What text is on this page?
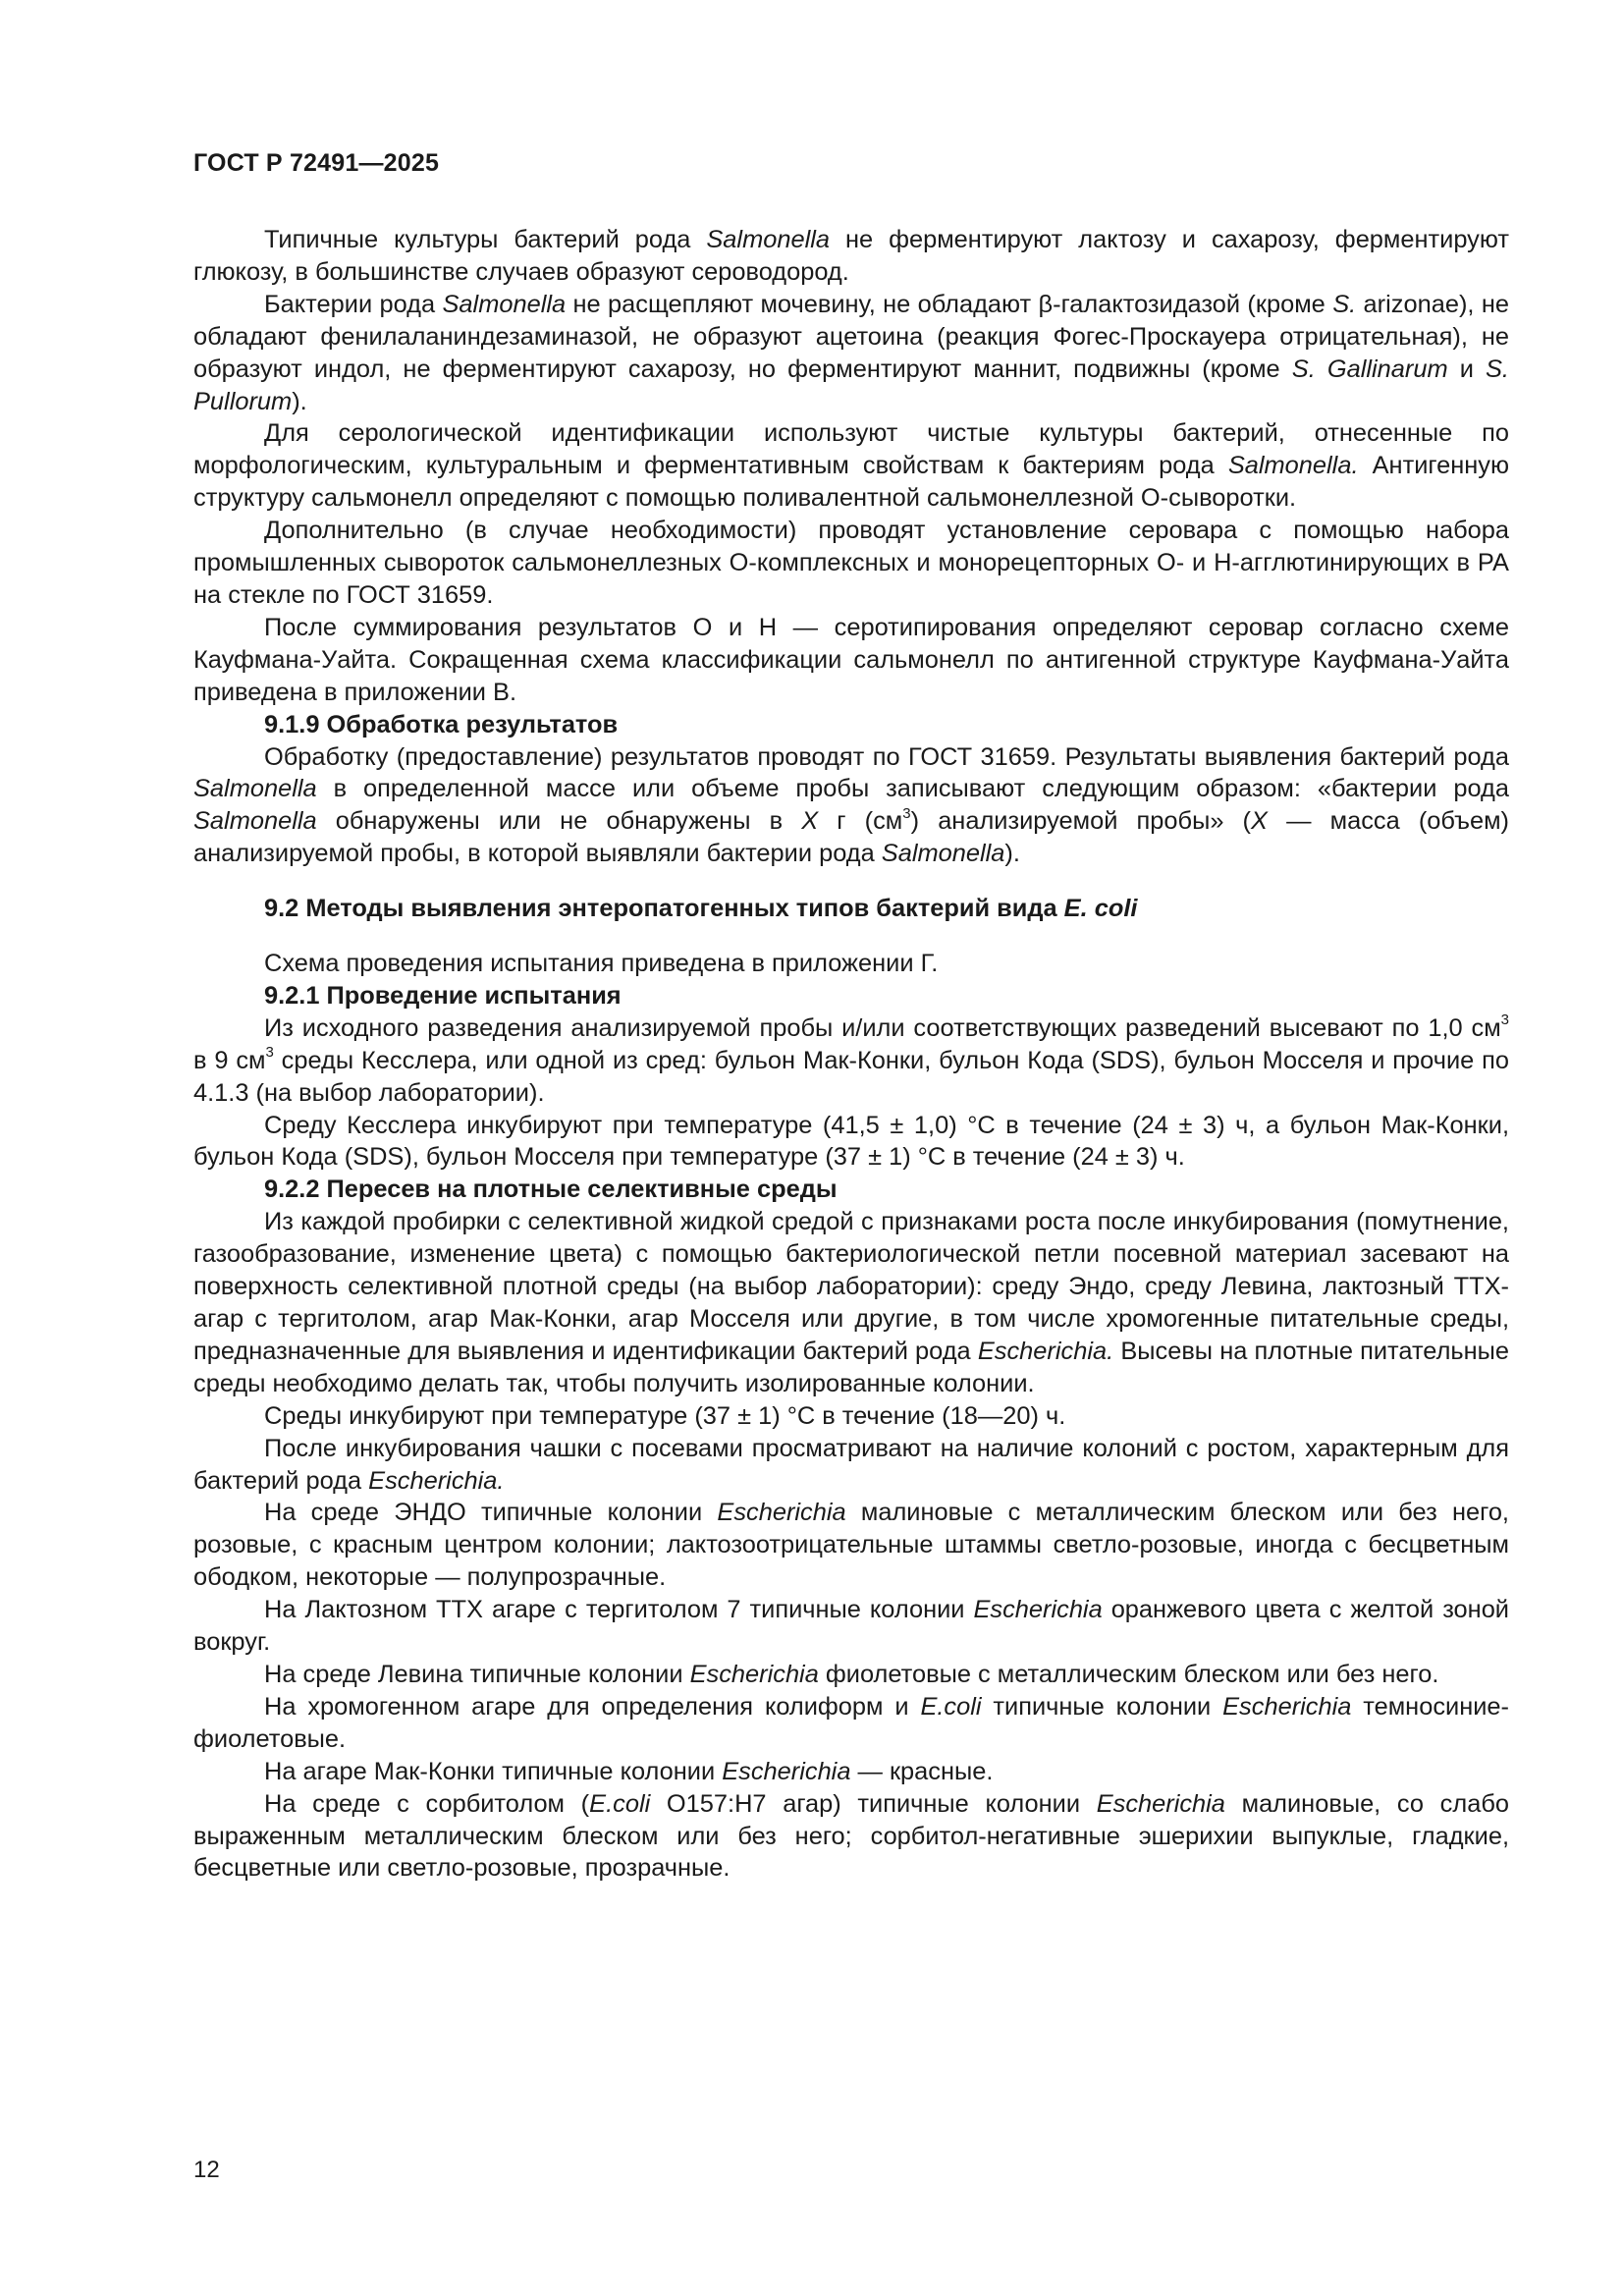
ГОСТ Р 72491—2025

Типичные культуры бактерий рода Salmonella не ферментируют лактозу и сахарозу, ферментируют глюкозу, в большинстве случаев образуют сероводород.

Бактерии рода Salmonella не расщепляют мочевину, не обладают β-галактозидазой (кроме S. arizonae), не обладают фенилаланиндезаминазой, не образуют ацетоина (реакция Фогес-Проскауера отрицательная), не образуют индол, не ферментируют сахарозу, но ферментируют маннит, подвижны (кроме S. Gallinarum и S. Pullorum).

Для серологической идентификации используют чистые культуры бактерий, отнесенные по морфологическим, культуральным и ферментативным свойствам к бактериям рода Salmonella. Антигенную структуру сальмонелл определяют с помощью поливалентной сальмонеллезной О-сыворотки.

Дополнительно (в случае необходимости) проводят установление серовара с помощью набора промышленных сывороток сальмонеллезных О-комплексных и монорецепторных О- и Н-агглютинирующих в РА на стекле по ГОСТ 31659.

После суммирования результатов О и Н — серотипирования определяют серовар согласно схеме Кауфмана-Уайта. Сокращенная схема классификации сальмонелл по антигенной структуре Кауфмана-Уайта приведена в приложении В.

9.1.9 Обработка результатов

Обработку (предоставление) результатов проводят по ГОСТ 31659. Результаты выявления бактерий рода Salmonella в определенной массе или объеме пробы записывают следующим образом: «бактерии рода Salmonella обнаружены или не обнаружены в X г $(см^3)$ анализируемой пробы» (X — масса (объем) анализируемой пробы, в которой выявляли бактерии рода Salmonella).

9.2 Методы выявления энтеропатогенных типов бактерий вида E. coli

Схема проведения испытания приведена в приложении Г.

9.2.1 Проведение испытания

Из исходного разведения анализируемой пробы и/или соответствующих разведений высевают по 1,0 $см^3$ в 9 $см^3$ среды Кесслера, или одной из сред: бульон Мак-Конки, бульон Кода (SDS), бульон Мосселя и прочие по 4.1.3 (на выбор лаборатории).

Среду Кесслера инкубируют при температуре (41,5 ± 1,0) °С в течение (24 ± 3) ч, а бульон Мак-Конки, бульон Кода (SDS), бульон Мосселя при температуре (37 ± 1) °С в течение (24 ± 3) ч.

9.2.2 Пересев на плотные селективные среды

Из каждой пробирки с селективной жидкой средой с признаками роста после инкубирования (помутнение, газообразование, изменение цвета) с помощью бактериологической петли посевной материал засевают на поверхность селективной плотной среды (на выбор лаборатории): среду Эндо, среду Левина, лактозный ТТХ-агар с тергитолом, агар Мак-Конки, агар Мосселя или другие, в том числе хромогенные питательные среды, предназначенные для выявления и идентификации бактерий рода Escherichia. Высевы на плотные питательные среды необходимо делать так, чтобы получить изолированные колонии.

Среды инкубируют при температуре (37 ± 1) °С в течение (18—20) ч.

После инкубирования чашки с посевами просматривают на наличие колоний с ростом, характерным для бактерий рода Escherichia.

На среде ЭНДО типичные колонии Escherichia малиновые с металлическим блеском или без него, розовые, с красным центром колонии; лактозоотрицательные штаммы светло-розовые, иногда с бесцветным ободком, некоторые — полупрозрачные.

На Лактозном ТТХ агаре с тергитолом 7 типичные колонии Escherichia оранжевого цвета с желтой зоной вокруг.

На среде Левина типичные колонии Escherichia фиолетовые с металлическим блеском или без него.

На хромогенном агаре для определения колиформ и E.coli типичные колонии Escherichia темносиние-фиолетовые.

На агаре Мак-Конки типичные колонии Escherichia — красные.

На среде с сорбитолом (E.coli О157:Н7 агар) типичные колонии Escherichia малиновые, со слабо выраженным металлическим блеском или без него; сорбитол-негативные эшерихии выпуклые, гладкие, бесцветные или светло-розовые, прозрачные.

12
